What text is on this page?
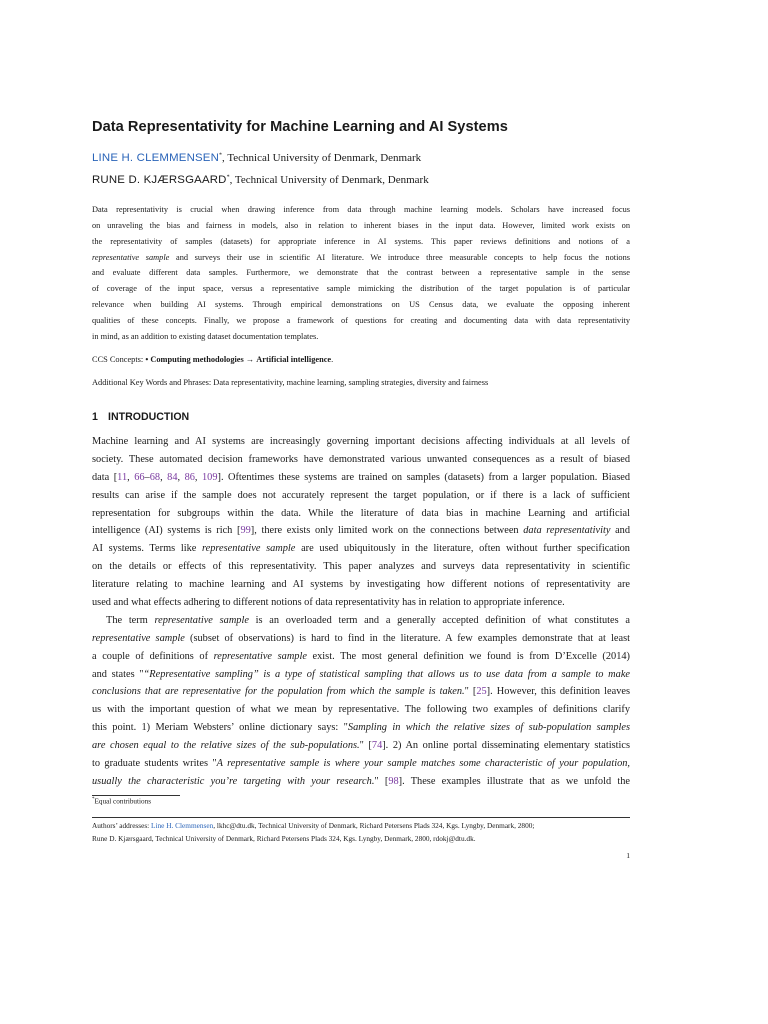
Data Representativity for Machine Learning and AI Systems
LINE H. CLEMMENSEN*, Technical University of Denmark, Denmark
RUNE D. KJÆRSGAARD*, Technical University of Denmark, Denmark
Data representativity is crucial when drawing inference from data through machine learning models. Scholars have increased focus
on unraveling the bias and fairness in models, also in relation to inherent biases in the input data. However, limited work exists on
the representativity of samples (datasets) for appropriate inference in AI systems. This paper reviews definitions and notions of a
representative sample and surveys their use in scientific AI literature. We introduce three measurable concepts to help focus the notions
and evaluate different data samples. Furthermore, we demonstrate that the contrast between a representative sample in the sense
of coverage of the input space, versus a representative sample mimicking the distribution of the target population is of particular
relevance when building AI systems. Through empirical demonstrations on US Census data, we evaluate the opposing inherent
qualities of these concepts. Finally, we propose a framework of questions for creating and documenting data with data representativity
in mind, as an addition to existing dataset documentation templates.
CCS Concepts: • Computing methodologies → Artificial intelligence.
Additional Key Words and Phrases: Data representativity, machine learning, sampling strategies, diversity and fairness
1 INTRODUCTION
Machine learning and AI systems are increasingly governing important decisions affecting individuals at all levels of
society. These automated decision frameworks have demonstrated various unwanted consequences as a result of biased
data [11, 66–68, 84, 86, 109]. Oftentimes these systems are trained on samples (datasets) from a larger population. Biased
results can arise if the sample does not accurately represent the target population, or if there is a lack of sufficient
representation for subgroups within the data. While the literature of data bias in machine Learning and artificial
intelligence (AI) systems is rich [99], there exists only limited work on the connections between data representativity and
AI systems. Terms like representative sample are used ubiquitously in the literature, often without further specification
on the details or effects of this representativity. This paper analyzes and surveys data representativity in scientific
literature relating to machine learning and AI systems by investigating how different notions of representativity are
used and what effects adhering to different notions of data representativity has in relation to appropriate inference.
The term representative sample is an overloaded term and a generally accepted definition of what constitutes a
representative sample (subset of observations) is hard to find in the literature. A few examples demonstrate that at least
a couple of definitions of representative sample exist. The most general definition we found is from D’Excelle (2014)
and states "“Representative sampling” is a type of statistical sampling that allows us to use data from a sample to make
conclusions that are representative for the population from which the sample is taken." [25]. However, this definition leaves
us with the important question of what we mean by representative. The following two examples of definitions clarify
this point. 1) Meriam Websters’ online dictionary says: "Sampling in which the relative sizes of sub-population samples
are chosen equal to the relative sizes of the sub-populations." [74]. 2) An online portal disseminating elementary statistics
to graduate students writes "A representative sample is where your sample matches some characteristic of your population,
usually the characteristic you’re targeting with your research." [98]. These examples illustrate that as we unfold the
*Equal contributions
Authors’ addresses: Line H. Clemmensen, lkhc@dtu.dk, Technical University of Denmark, Richard Petersens Plads 324, Kgs. Lyngby, Denmark, 2800;
Rune D. Kjærsgaard, Technical University of Denmark, Richard Petersens Plads 324, Kgs. Lyngby, Denmark, 2800, rdokj@dtu.dk.
1
